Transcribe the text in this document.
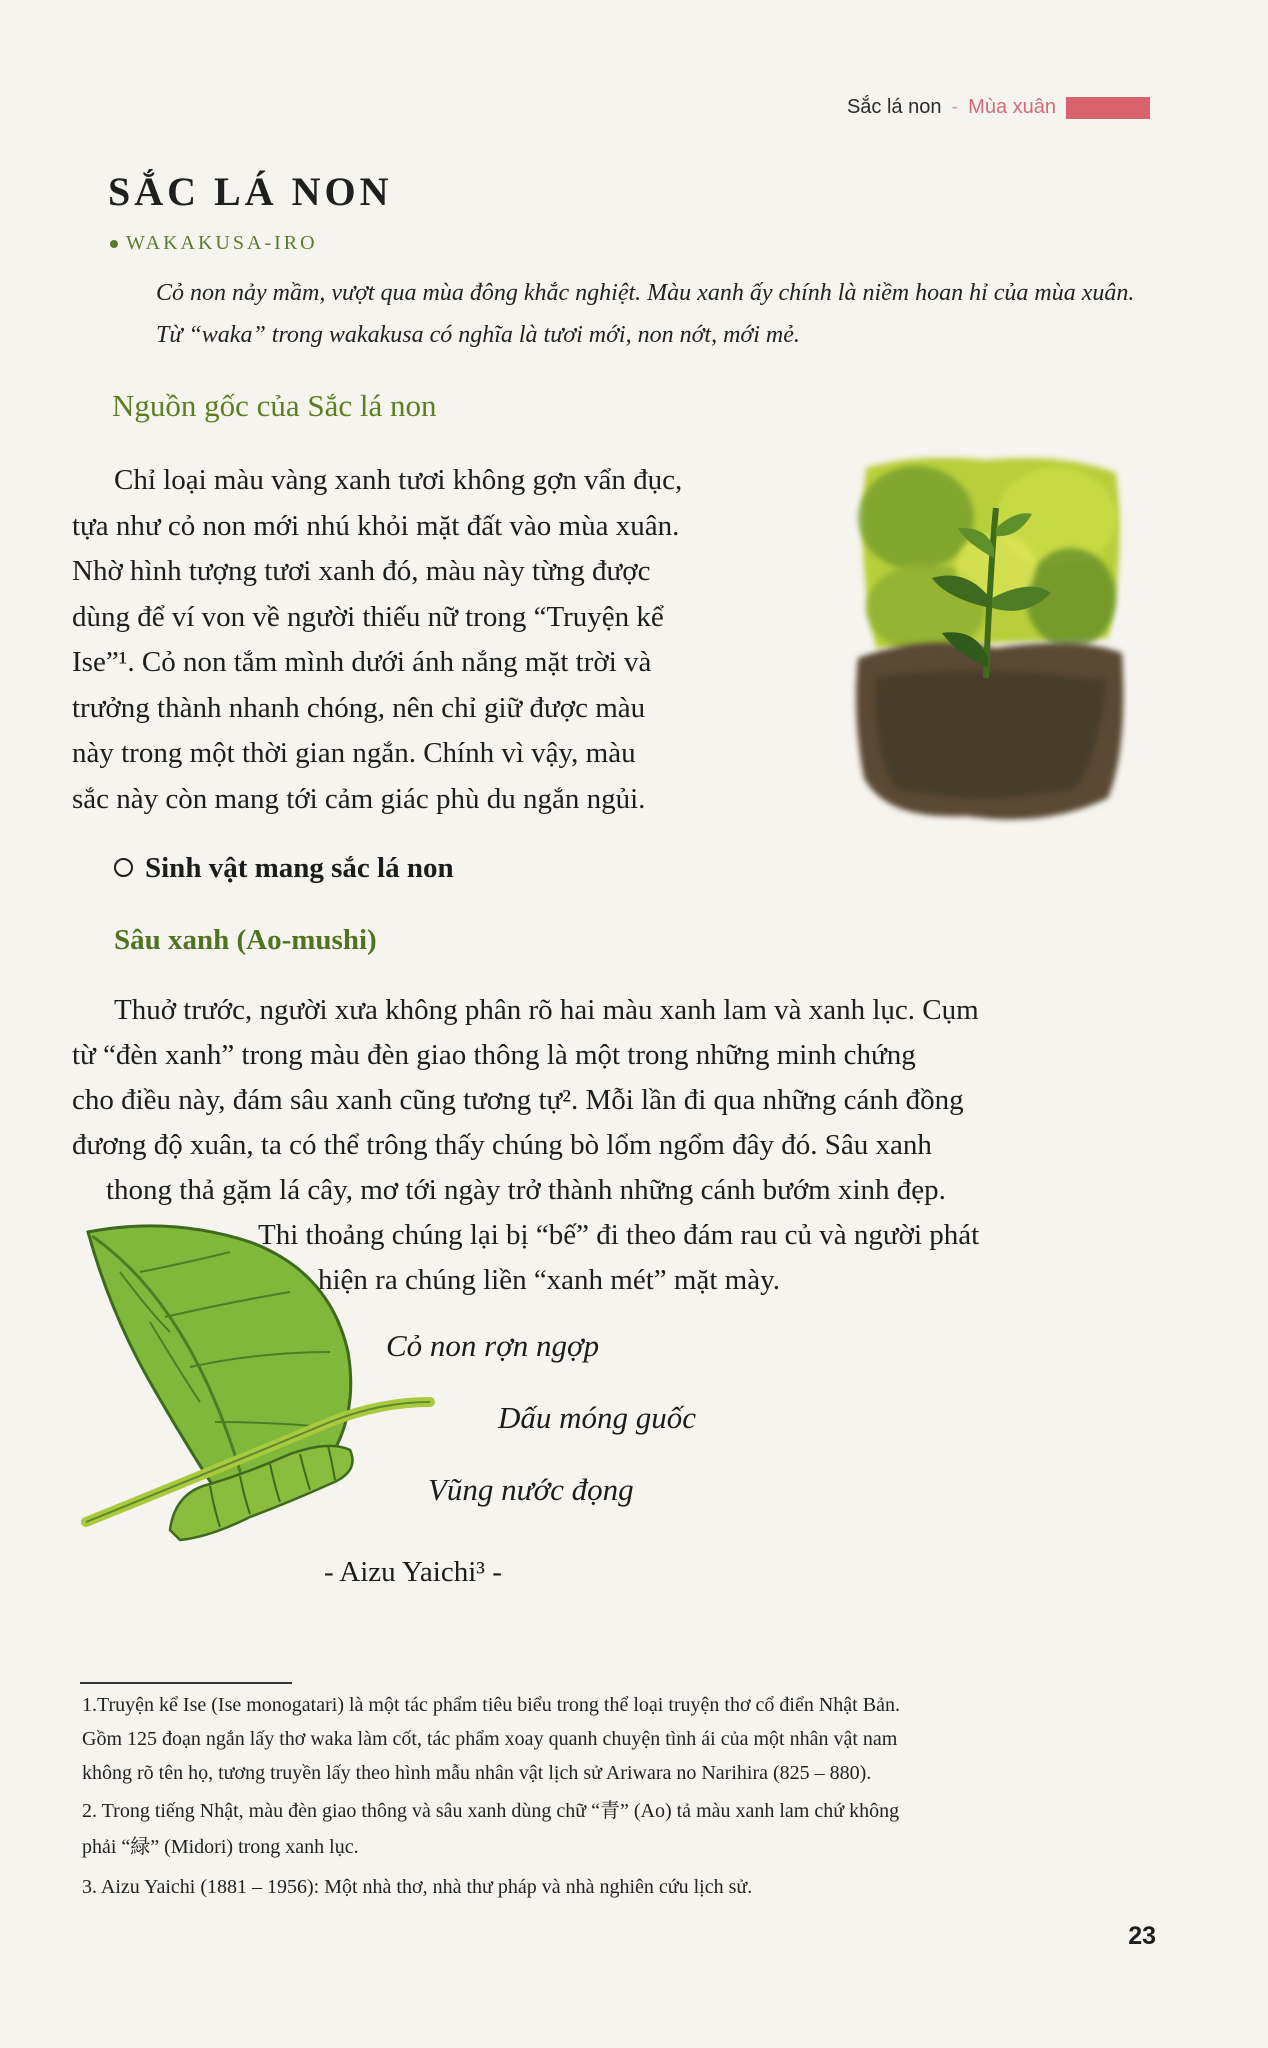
Sắc lá non - Mùa xuân
SẮC LÁ NON
WAKAKUSA-IRO
Cỏ non nảy mầm, vượt qua mùa đông khắc nghiệt. Màu xanh ấy chính là niềm hoan hỉ của mùa xuân. Từ “waka” trong wakakusa có nghĩa là tươi mới, non nớt, mới mẻ.
Nguồn gốc của Sắc lá non
Chỉ loại màu vàng xanh tươi không gợn vẩn đục,
tựa như cỏ non mới nhú khỏi mặt đất vào mùa xuân.
Nhờ hình tượng tươi xanh đó, màu này từng được
dùng để ví von về người thiếu nữ trong “Truyện kể
Ise”¹. Cỏ non tắm mình dưới ánh nắng mặt trời và
trưởng thành nhanh chóng, nên chỉ giữ được màu
này trong một thời gian ngắn. Chính vì vậy, màu
sắc này còn mang tới cảm giác phù du ngắn ngủi.
Sinh vật mang sắc lá non
Sâu xanh (Ao-mushi)
Thuở trước, người xưa không phân rõ hai màu xanh lam và xanh lục. Cụm
từ “đèn xanh” trong màu đèn giao thông là một trong những minh chứng
cho điều này, đám sâu xanh cũng tương tự². Mỗi lần đi qua những cánh đồng
đương độ xuân, ta có thể trông thấy chúng bò lổm ngổm đây đó. Sâu xanh
thong thả gặm lá cây, mơ tới ngày trở thành những cánh bướm xinh đẹp.
Thi thoảng chúng lại bị “bế” đi theo đám rau củ và người phát
hiện ra chúng liền “xanh mét” mặt mày.
Cỏ non rợn ngợp
Dấu móng guốc
Vũng nước đọng
- Aizu Yaichi³ -
1.Truyện kể Ise (Ise monogatari) là một tác phẩm tiêu biểu trong thể loại truyện thơ cổ điển Nhật Bản.
Gồm 125 đoạn ngắn lấy thơ waka làm cốt, tác phẩm xoay quanh chuyện tình ái của một nhân vật nam
không rõ tên họ, tương truyền lấy theo hình mẫu nhân vật lịch sử Ariwara no Narihira (825 – 880).
2. Trong tiếng Nhật, màu đèn giao thông và sâu xanh dùng chữ “青” (Ao) tả màu xanh lam chứ không
phải “緑” (Midori) trong xanh lục.
3. Aizu Yaichi (1881 – 1956): Một nhà thơ, nhà thư pháp và nhà nghiên cứu lịch sử.
23
